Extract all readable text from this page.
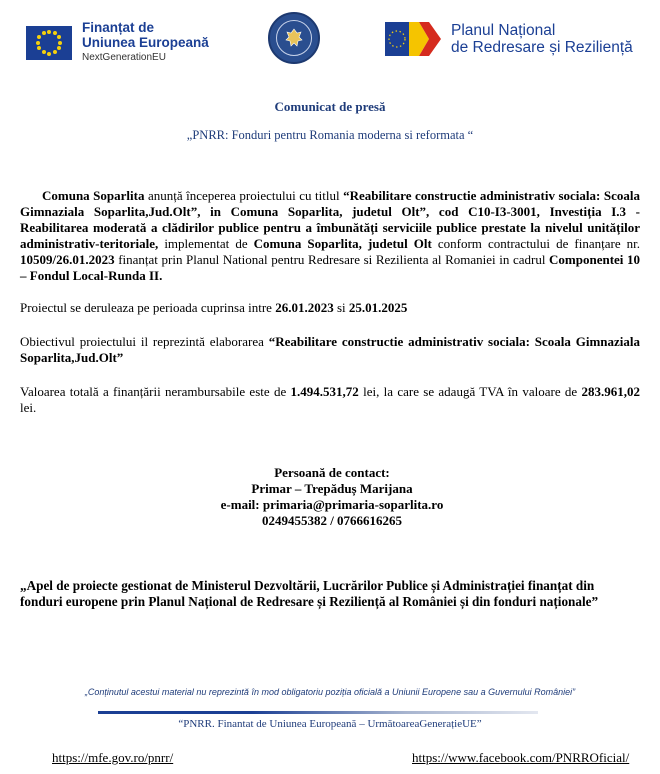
Finanțat de
Uniunea Europeană
NextGenerationEU
Planul Național
de Redresare și Reziliență
Comunicat de presă
„PNRR: Fonduri pentru Romania moderna si reformata “
Comuna Soparlita anunță începerea proiectului cu titlul “Reabilitare constructie administrativ sociala: Scoala Gimnaziala Soparlita,Jud.Olt”, in Comuna Soparlita, judetul Olt”, cod C10-I3-3001, Investiția I.3 - Reabilitarea moderată a clădirilor publice pentru a îmbunătăți serviciile publice prestate la nivelul unităților administrativ-teritoriale, implementat de Comuna Soparlita, judetul Olt conform contractului de finanțare nr. 10509/26.01.2023 finanțat prin Planul National pentru Redresare si Rezilienta al Romaniei in cadrul Componentei 10 – Fondul Local-Runda II.
Proiectul se deruleaza pe perioada cuprinsa intre 26.01.2023 si 25.01.2025
Obiectivul proiectului il reprezintă elaborarea “Reabilitare constructie administrativ sociala: Scoala Gimnaziala Soparlita,Jud.Olt”
Valoarea totală a finanțării nerambursabile este de 1.494.531,72 lei, la care se adaugă TVA în valoare de 283.961,02 lei.
Persoană de contact:
Primar – Trepăduș Marijana
e-mail: primaria@primaria-soparlita.ro
0249455382 / 0766616265
„Apel de proiecte gestionat de Ministerul Dezvoltării, Lucrărilor Publice și Administrației finanțat din fonduri europene prin Planul Național de Redresare și Reziliență al României și din fonduri naționale”
„Conținutul acestui material nu reprezintă în mod obligatoriu poziția oficială a Uniunii Europene sau a Guvernului României”
“PNRR. Finantat de Uniunea Europeană – UrmătoareaGenerațieUE”
https://mfe.gov.ro/pnrr/	https://www.facebook.com/PNRROficial/
